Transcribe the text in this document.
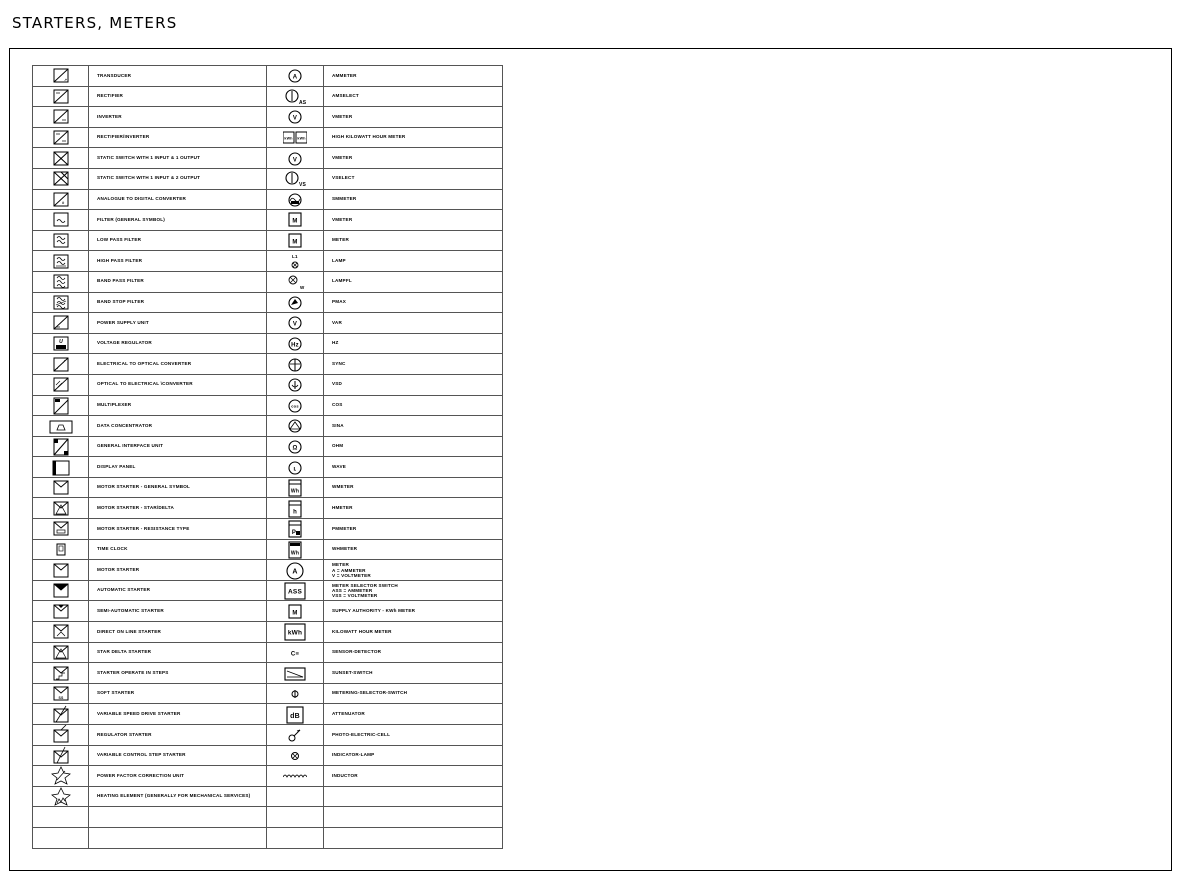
STARTERS, METERS
↗	TRANSDUCER	A	AMMETER

	RECTIFIER	AS	AMSELECT

	INVERTER	V	VMETER

	RECTIFIER/INVERTER	kWh kWh	HIGH KILOWATT HOUR METER

	STATIC SWITCH WITH 1 INPUT & 1 OUTPUT	V	VMETER

	STATIC SWITCH WITH 1 INPUT & 2 OUTPUT	VS	VSELECT

#	ANALOGUE TO DIGITAL CONVERTER		SMMETER

	FILTER (GENERAL SYMBOL)	M	VMETER

	LOW PASS FILTER	M	METER

	HIGH PASS FILTER	L1	LAMP

	BAND PASS FILTER	W	LAMPFL

	BAND STOP FILTER		PMAX

	POWER SUPPLY UNIT	V	VAR

U	VOLTAGE REGULATOR	Hz	HZ

	ELECTRICAL TO OPTICAL CONVERTER		SYNC

	OPTICAL TO ELECTRICAL \CONVERTER		VSD

	MULTIPLEXER	cos	COS

	DATA CONCENTRATOR		SINA

	GENERAL INTERFACE UNIT	Ω	OHM

	DISPLAY PANEL	ʟ	WAVE

	MOTOR STARTER - GENERAL SYMBOL	Wh	WMETER

	MOTOR STARTER - STAR/DELTA	h	HMETER

	MOTOR STARTER - RESISTANCE TYPE	P	PMMETER

	TIME CLOCK	Wh	WHMETER

	MOTOR STARTER	A	METER
A = AMMETER
V = VOLTMETER

	AUTOMATIC STARTER	ASS	METER SELECTOR SWITCH
ASS = AMMETER
VSS = VOLTMETER

	SEMI-AUTOMATIC STARTER	M	SUPPLY AUTHORITY - KWh METER

	DIRECT ON LINE STARTER	kWh	KILOWATT HOUR METER

	STAR DELTA STARTER	C≡	SENSOR-DETECTOR

	STARTER OPERATE IN STEPS		SUNSET-SWITCH

SS	SOFT STARTER		METERING-SELECTOR-SWITCH

	VARIABLE SPEED DRIVE STARTER	dB	ATTENUATOR

	REGULATOR STARTER		PHOTO-ELECTRIC-CELL

	VARIABLE CONTROL STEP STARTER		INDICATOR-LAMP

	POWER FACTOR CORRECTION UNIT		INDUCTOR

	HEATING ELEMENT (GENERALLY FOR MECHANICAL SERVICES)		
